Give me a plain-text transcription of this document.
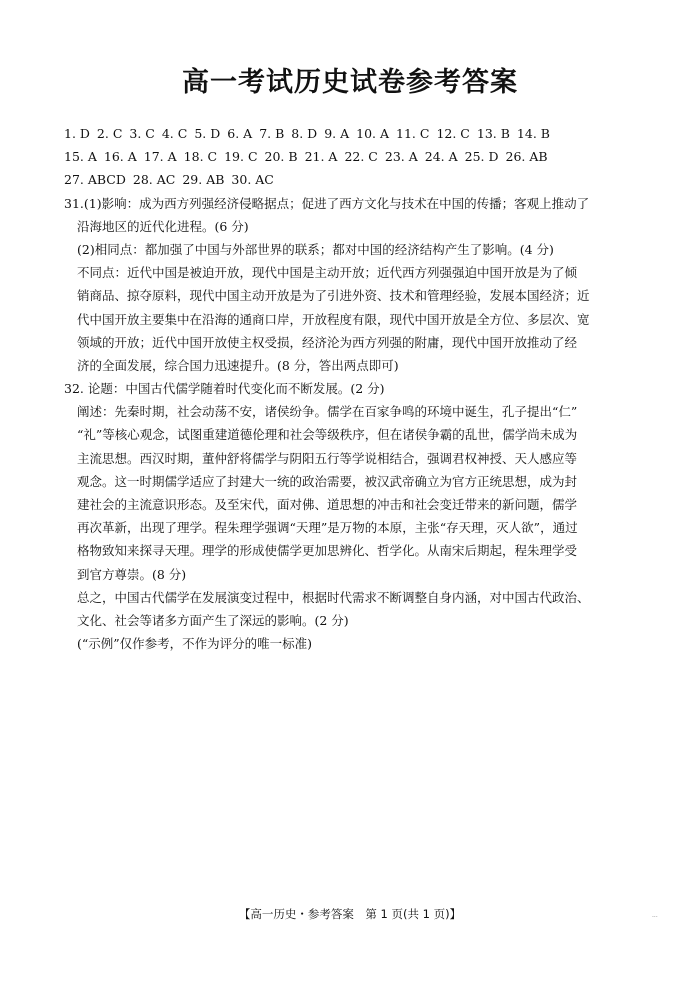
高一考试历史试卷参考答案
1. D 2. C 3. C 4. C 5. D 6. A 7. B 8. D 9. A 10. A 11. C 12. C 13. B 14. B
15. A 16. A 17. A 18. C 19. C 20. B 21. A 22. C 23. A 24. A 25. D 26. AB
27. ABCD 28. AC 29. AB 30. AC
31.(1)影响：成为西方列强经济侵略据点；促进了西方文化与技术在中国的传播；客观上推动了
沿海地区的近代化进程。(6 分)
(2)相同点：都加强了中国与外部世界的联系；都对中国的经济结构产生了影响。(4 分)
不同点：近代中国是被迫开放，现代中国是主动开放；近代西方列强强迫中国开放是为了倾
销商品、掠夺原料，现代中国主动开放是为了引进外资、技术和管理经验，发展本国经济；近
代中国开放主要集中在沿海的通商口岸，开放程度有限，现代中国开放是全方位、多层次、宽
领域的开放；近代中国开放使主权受损，经济沦为西方列强的附庸，现代中国开放推动了经
济的全面发展，综合国力迅速提升。(8 分，答出两点即可)
32. 论题：中国古代儒学随着时代变化而不断发展。(2 分)
阐述：先秦时期，社会动荡不安，诸侯纷争。儒学在百家争鸣的环境中诞生，孔子提出“仁”
“礼”等核心观念，试图重建道德伦理和社会等级秩序，但在诸侯争霸的乱世，儒学尚未成为
主流思想。西汉时期，董仲舒将儒学与阴阳五行等学说相结合，强调君权神授、天人感应等
观念。这一时期儒学适应了封建大一统的政治需要，被汉武帝确立为官方正统思想，成为封
建社会的主流意识形态。及至宋代，面对佛、道思想的冲击和社会变迁带来的新问题，儒学
再次革新，出现了理学。程朱理学强调“天理”是万物的本原，主张“存天理，灭人欲”，通过
格物致知来探寻天理。理学的形成使儒学更加思辨化、哲学化。从南宋后期起，程朱理学受
到官方尊崇。(8 分)
总之，中国古代儒学在发展演变过程中，根据时代需求不断调整自身内涵，对中国古代政治、
文化、社会等诸多方面产生了深远的影响。(2 分)
(“示例”仅作参考，不作为评分的唯一标准)
【高一历史・参考答案　第 1 页(共 1 页)】	...
